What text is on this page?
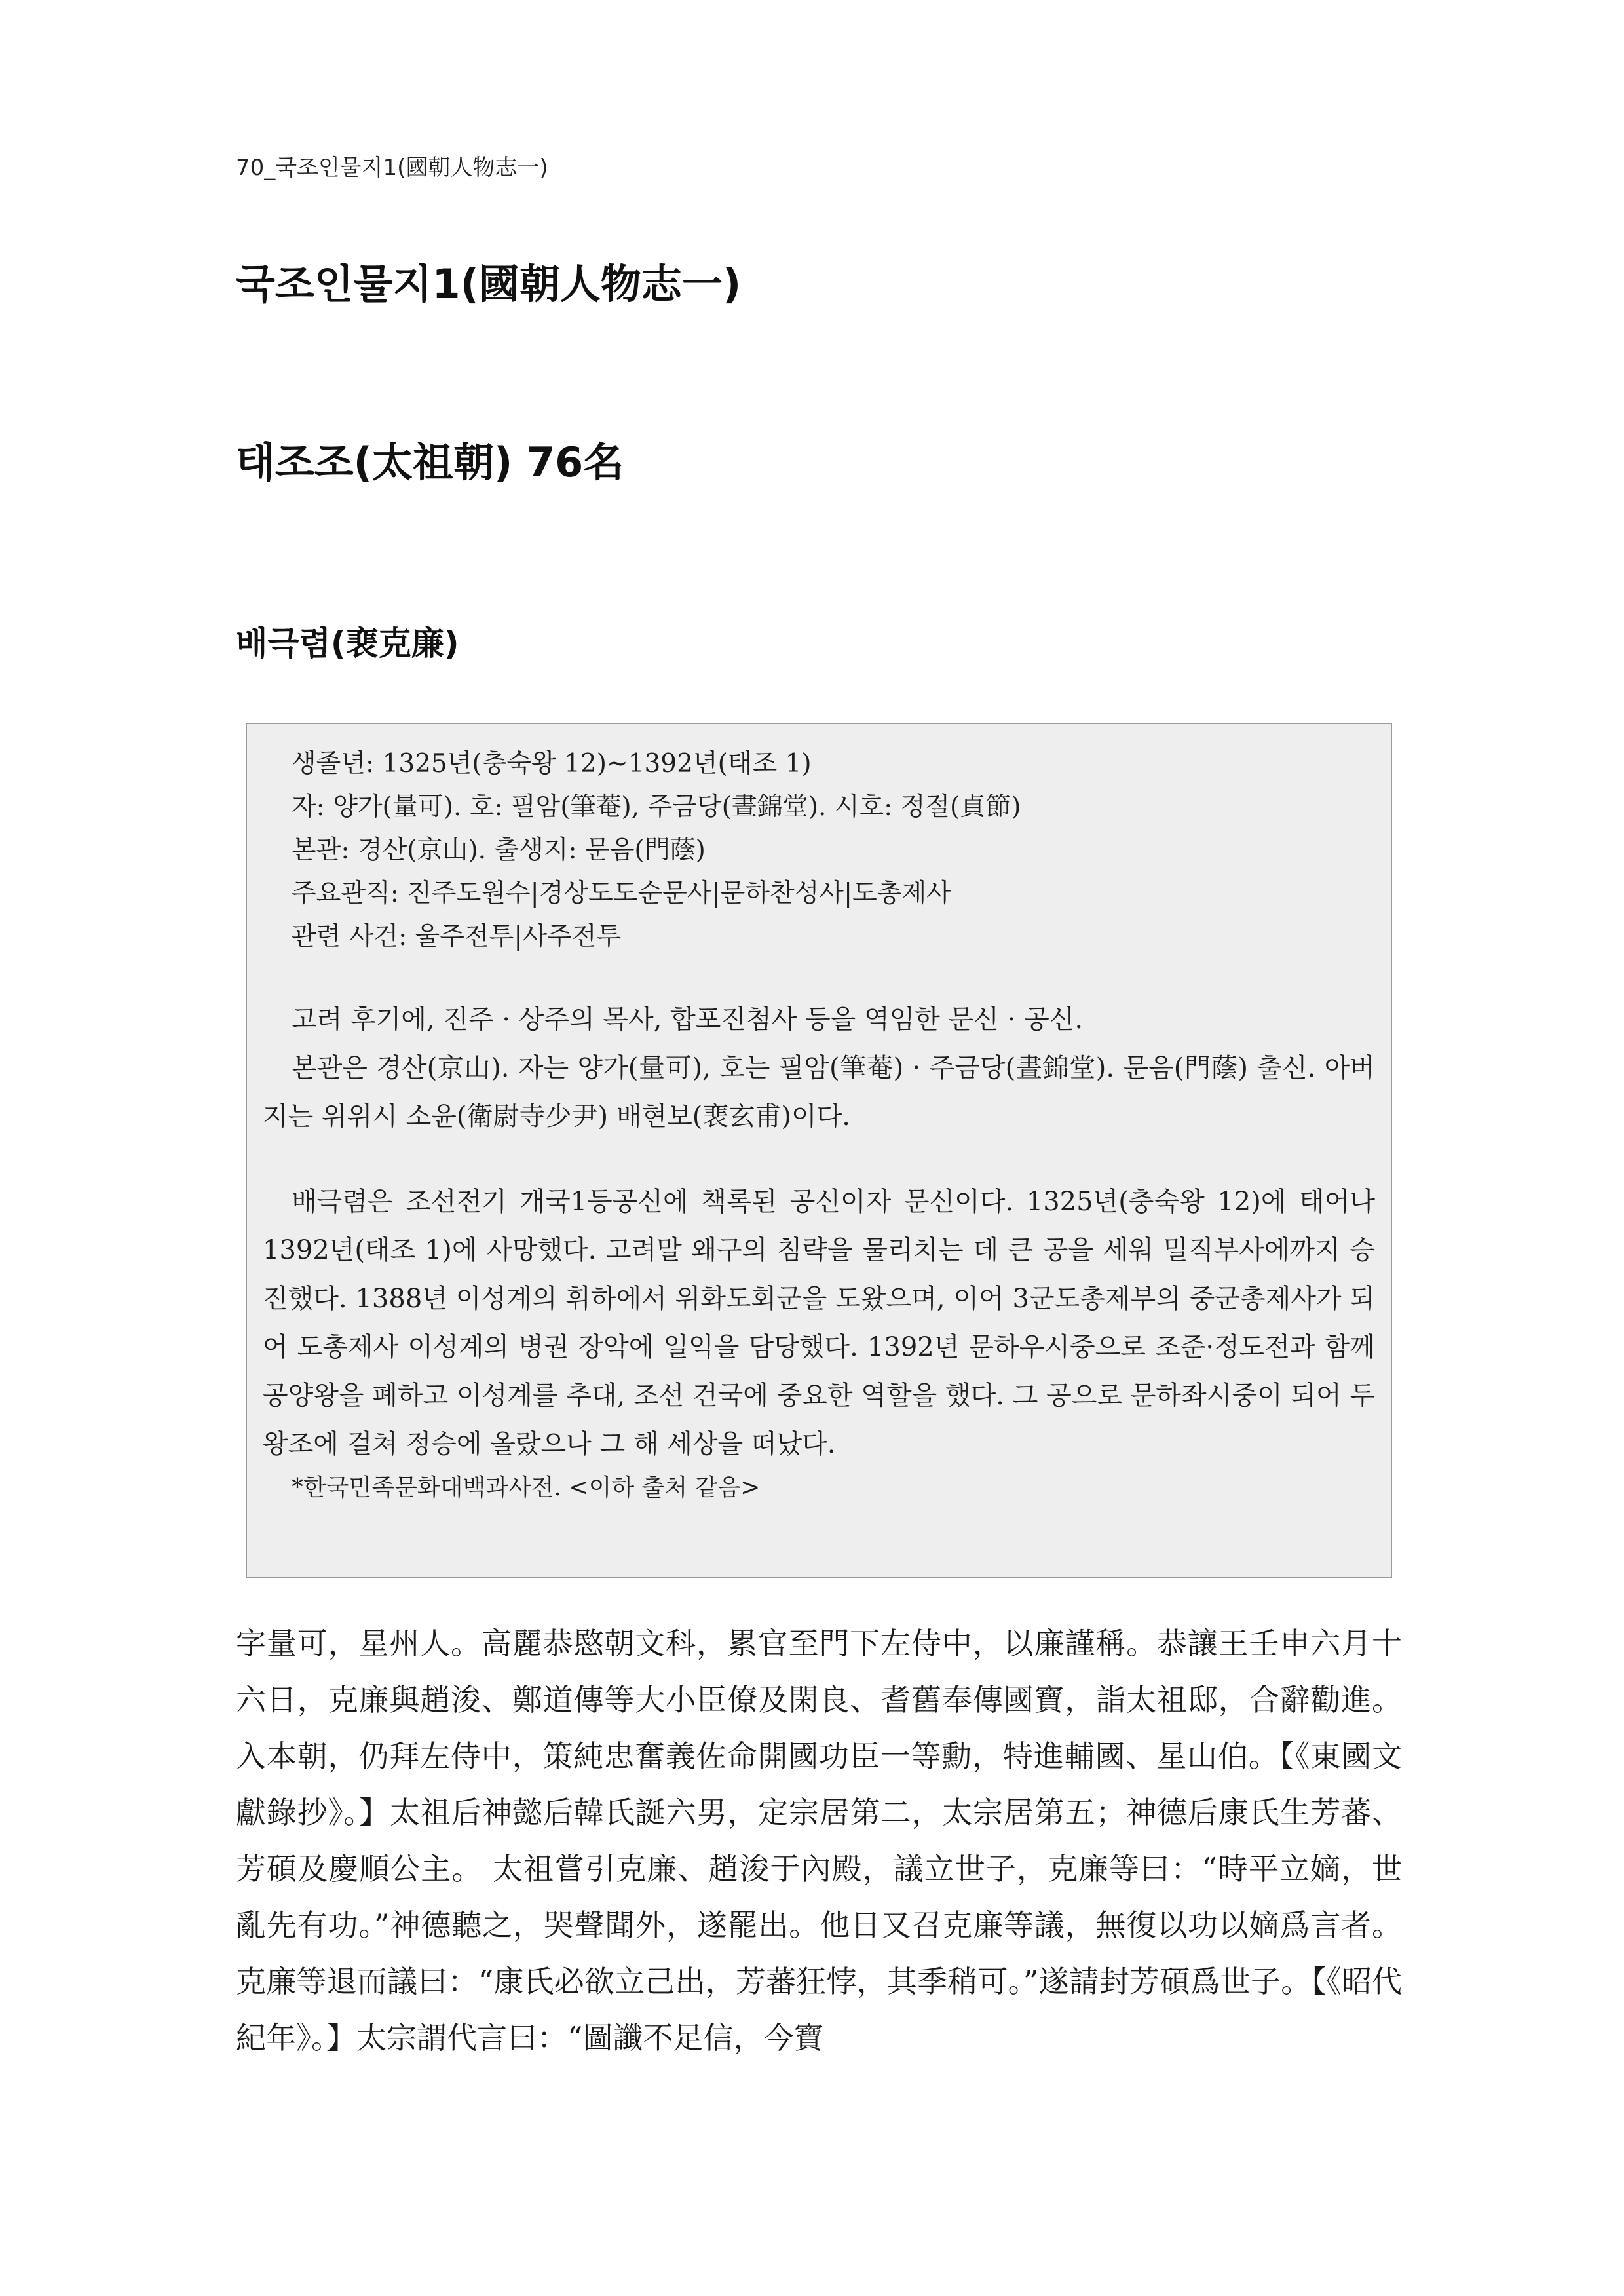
70_국조인물지1(國朝人物志一)
국조인물지1(國朝人物志一)
태조조(太祖朝) 76名
배극렴(裵克廉)
생졸년: 1325년(충숙왕 12)~1392년(태조 1)
자: 양가(量可). 호: 필암(筆菴), 주금당(晝錦堂). 시호: 정절(貞節)
본관: 경산(京山). 출생지: 문음(門蔭)
주요관직: 진주도원수|경상도도순문사|문하찬성사|도총제사
관련 사건: 울주전투|사주전투

고려 후기에, 진주 · 상주의 목사, 합포진첨사 등을 역임한 문신 · 공신.

본관은 경산(京山). 자는 양가(量可), 호는 필암(筆菴) · 주금당(晝錦堂). 문음(門蔭) 출신. 아버지는 위위시 소윤(衛尉寺少尹) 배현보(裵玄甫)이다.

배극렴은 조선전기 개국1등공신에 책록된 공신이자 문신이다. 1325년(충숙왕 12)에 태어나 1392년(태조 1)에 사망했다. 고려말 왜구의 침략을 물리치는 데 큰 공을 세워 밀직부사에까지 승진했다. 1388년 이성계의 휘하에서 위화도회군을 도왔으며, 이어 3군도총제부의 중군총제사가 되어 도총제사 이성계의 병권 장악에 일익을 담당했다. 1392년 문하우시중으로 조준·정도전과 함께 공양왕을 폐하고 이성계를 추대, 조선 건국에 중요한 역할을 했다. 그 공으로 문하좌시중이 되어 두 왕조에 걸쳐 정승에 올랐으나 그 해 세상을 떠났다.

*한국민족문화대백과사전. <이하 출처 같음>

字量可，星州人。高麗恭愍朝文科，累官至門下左侍中，以廉謹稱。恭讓王壬申六月十六日，克廉與趙浚、鄭道傳等大小臣僚及閑良、耆舊奉傳國寶，詣太祖邸，合辭勸進。入本朝，仍拜左侍中，策純忠奮義佐命開國功臣一等勳，特進輔國、星山伯。【《東國文獻錄抄》。】太祖后神懿后韓氏誕六男，定宗居第二，太宗居第五；神德后康氏生芳蕃、芳碩及慶順公主。 太祖嘗引克廉、趙浚于內殿，議立世子，克廉等曰：“時平立嫡，世亂先有功。”神德聽之，哭聲聞外，遂罷出。他日又召克廉等議，無復以功以嫡爲言者。克廉等退而議曰：“康氏必欲立己出，芳蕃狂悖，其季稍可。”遂請封芳碩爲世子。【《昭代紀年》。】太宗謂代言曰：“圖讖不足信，今寶
